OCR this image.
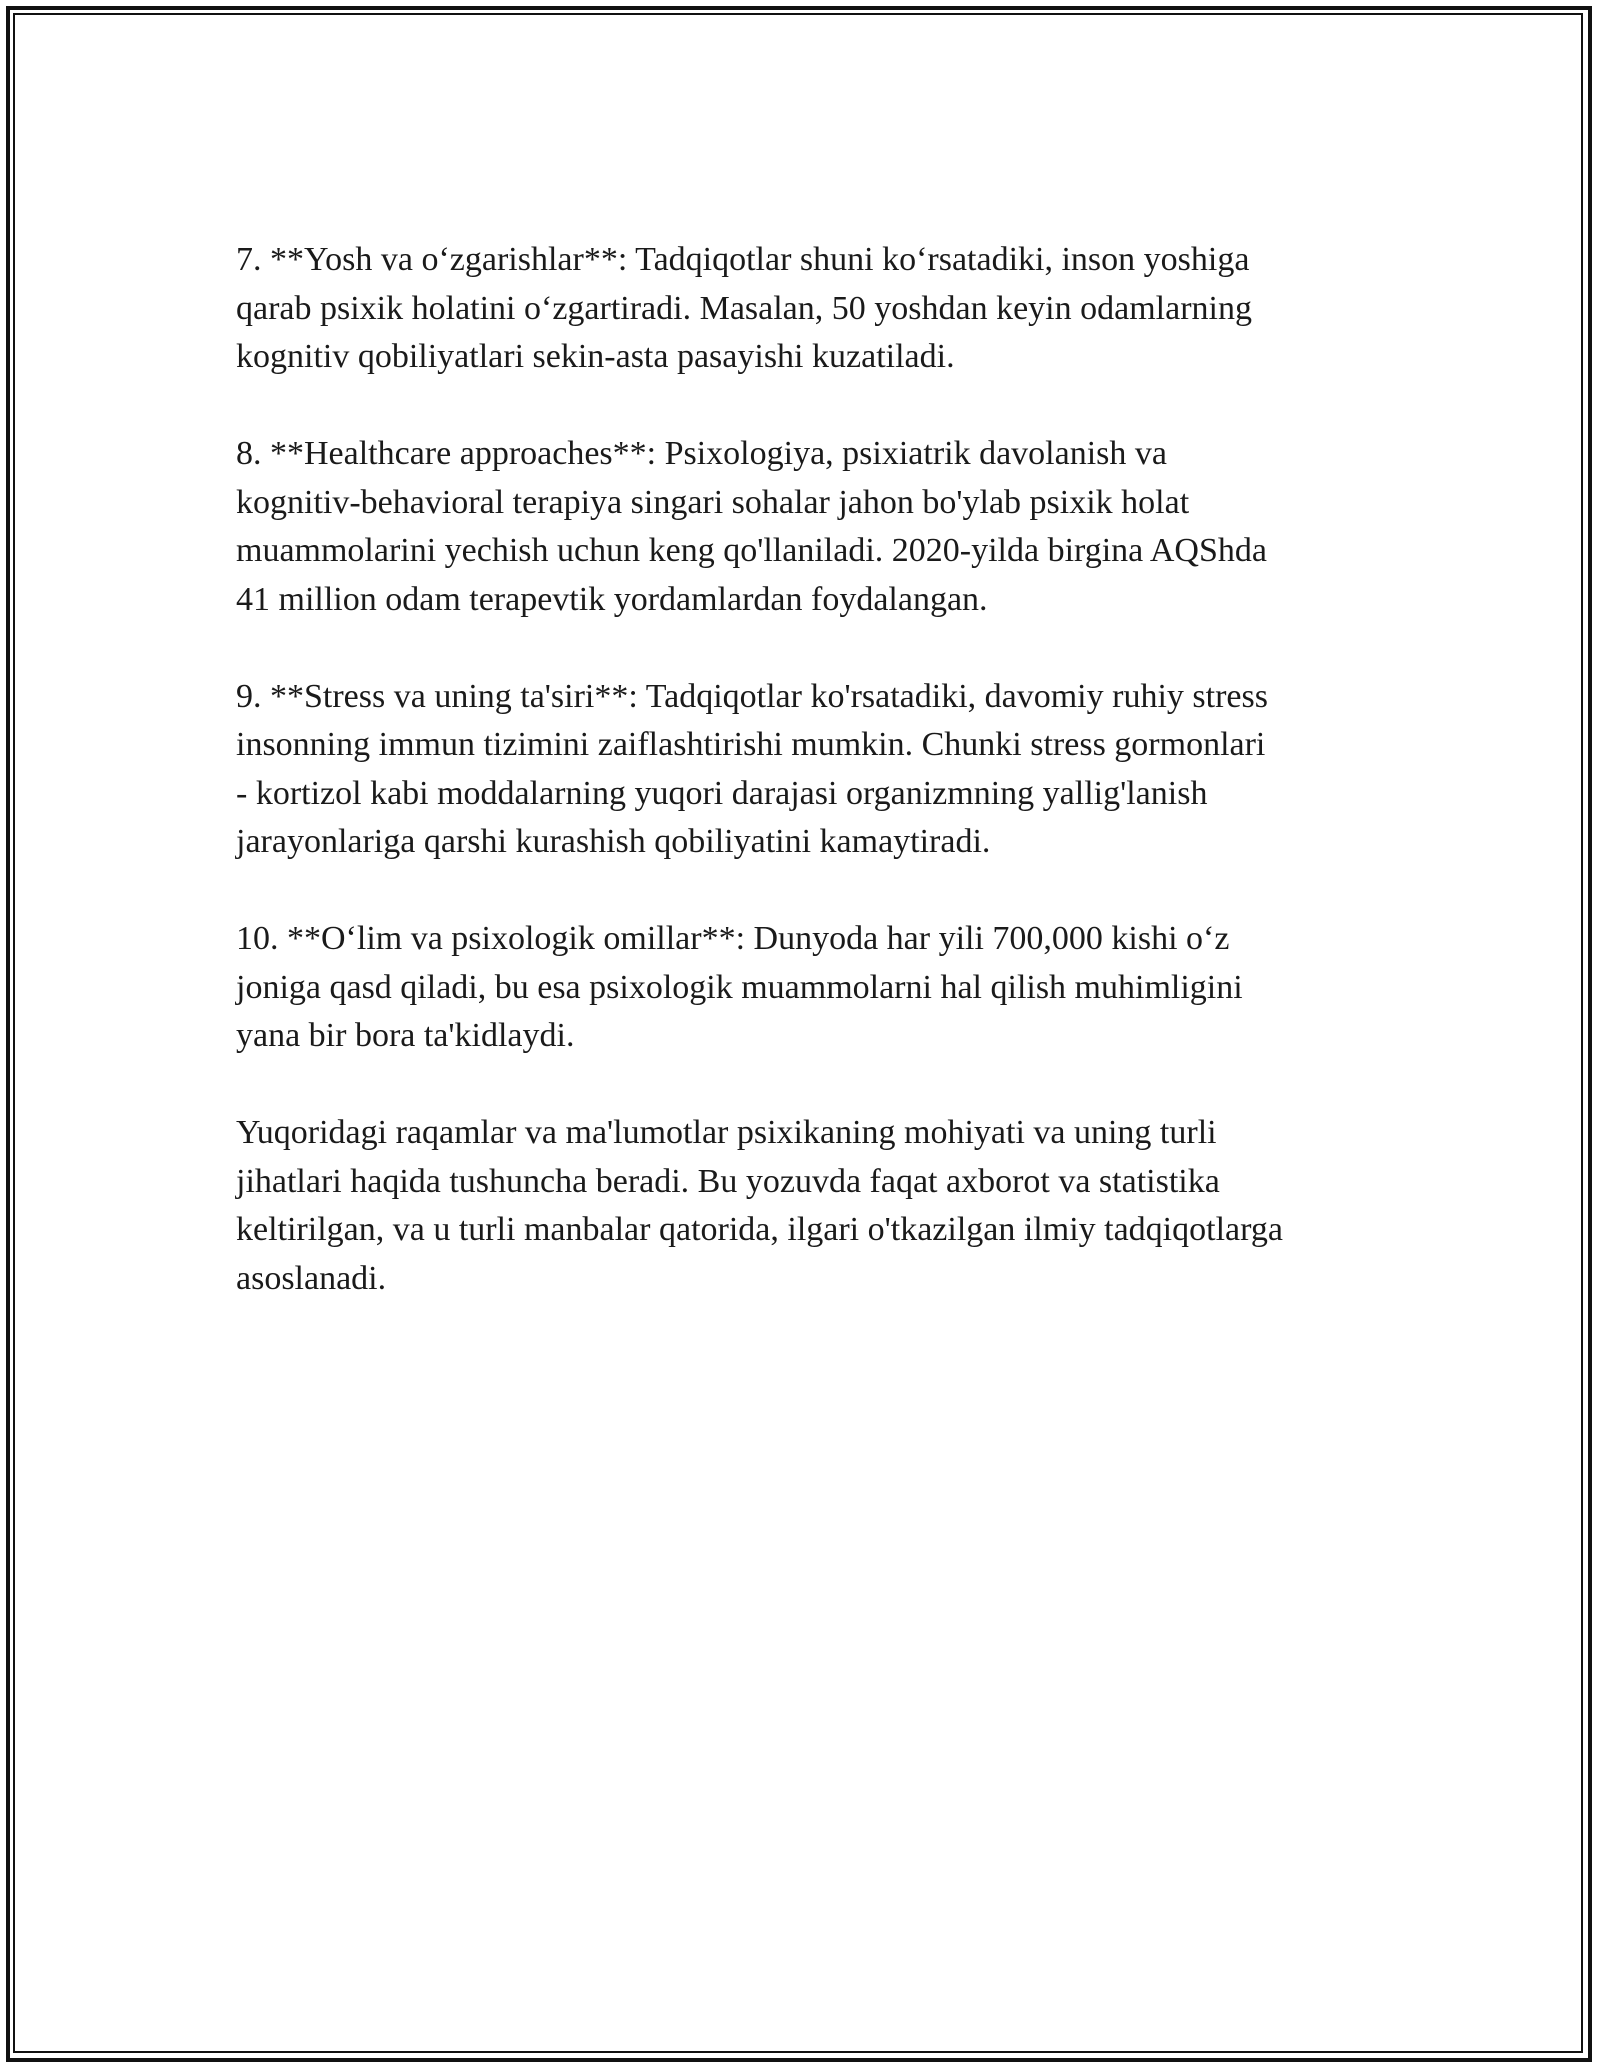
7. **Yosh va o‘zgarishlar**: Tadqiqotlar shuni ko‘rsatadiki, inson yoshiga
qarab psixik holatini o‘zgartiradi. Masalan, 50 yoshdan keyin odamlarning
kognitiv qobiliyatlari sekin-asta pasayishi kuzatiladi.

8. **Healthcare approaches**: Psixologiya, psixiatrik davolanish va
kognitiv-behavioral terapiya singari sohalar jahon bo'ylab psixik holat
muammolarini yechish uchun keng qo'llaniladi. 2020-yilda birgina AQShda
41 million odam terapevtik yordamlardan foydalangan.

9. **Stress va uning ta'siri**: Tadqiqotlar ko'rsatadiki, davomiy ruhiy stress
insonning immun tizimini zaiflashtirishi mumkin. Chunki stress gormonlari
- kortizol kabi moddalarning yuqori darajasi organizmning yallig'lanish
jarayonlariga qarshi kurashish qobiliyatini kamaytiradi.

10. **O‘lim va psixologik omillar**: Dunyoda har yili 700,000 kishi o‘z
joniga qasd qiladi, bu esa psixologik muammolarni hal qilish muhimligini
yana bir bora ta'kidlaydi.

Yuqoridagi raqamlar va ma'lumotlar psixikaning mohiyati va uning turli
jihatlari haqida tushuncha beradi. Bu yozuvda faqat axborot va statistika
keltirilgan, va u turli manbalar qatorida, ilgari o'tkazilgan ilmiy tadqiqotlarga
asoslanadi.
